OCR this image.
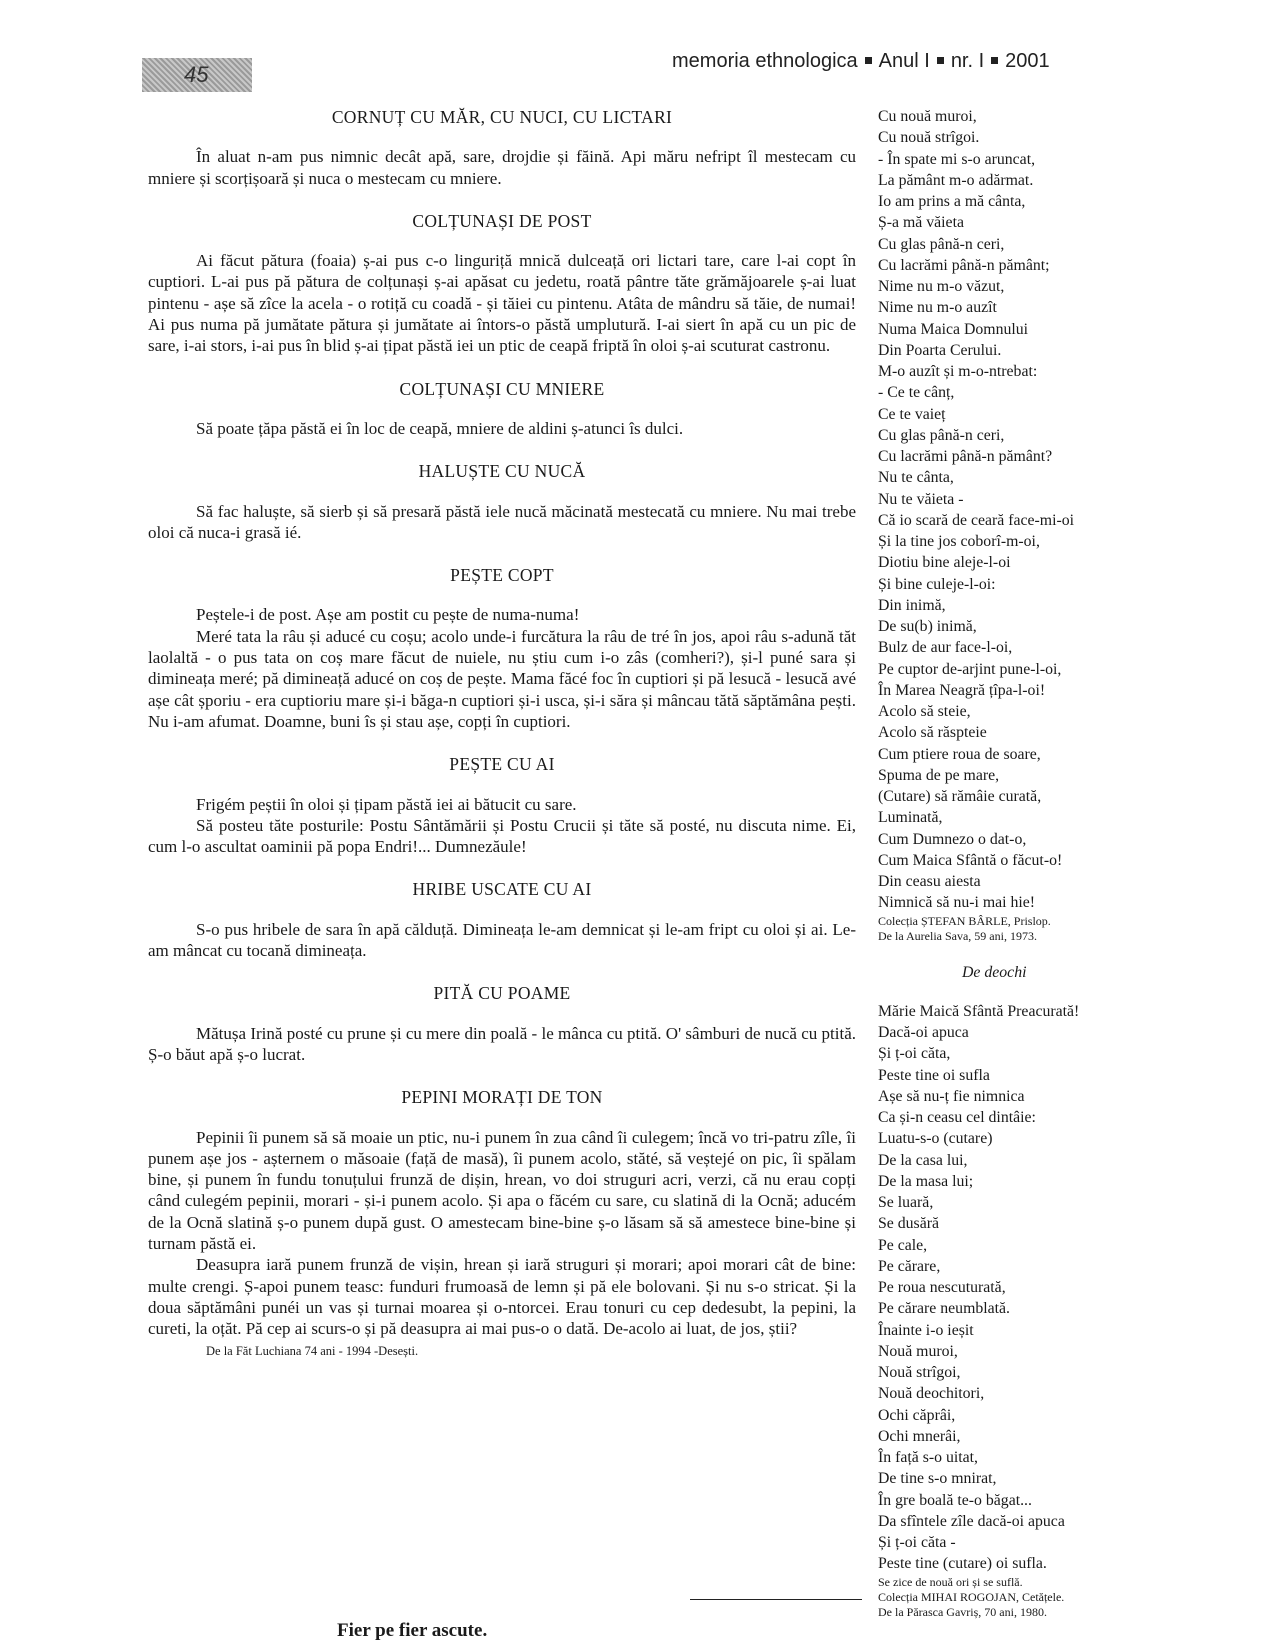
45
memoria ethnologica Anul I nr. I 2001
CORNUȚ CU MĂR, CU NUCI, CU LICTARI

În aluat n-am pus nimnic decât apă, sare, drojdie și făină. Api măru nefript îl mestecam cu mniere și scorțișoară și nuca o mestecam cu mniere.

COLȚUNAȘI DE POST

Ai făcut pătura (foaia) ș-ai pus c-o linguriță mnică dulceață ori lictari tare, care l-ai copt în cuptiori. L-ai pus pă pătura de colțunași ș-ai apăsat cu jedetu, roată pântre tăte grămăjoarele ș-ai luat pintenu - așe să zîce la acela - o rotiță cu coadă - și tăiei cu pintenu. Atâta de mândru să tăie, de numai! Ai pus numa pă jumătate pătura și jumătate ai întors-o păstă umplutură. I-ai siert în apă cu un pic de sare, i-ai stors, i-ai pus în blid ș-ai țipat păstă iei un ptic de ceapă friptă în oloi ș-ai scuturat castronu.

COLȚUNAȘI CU MNIERE

Să poate țăpa păstă ei în loc de ceapă, mniere de aldini ș-atunci îs dulci.

HALUȘTE CU NUCĂ

Să fac haluște, să sierb și să presară păstă iele nucă măcinată mestecată cu mniere. Nu mai trebe oloi că nuca-i grasă ié.

PEȘTE COPT

Peștele-i de post. Așe am postit cu pește de numa-numa!

Meré tata la râu și aducé cu coșu; acolo unde-i furcătura la râu de tré în jos, apoi râu s-adună tăt laolaltă - o pus tata on coș mare făcut de nuiele, nu știu cum i-o zâs (comheri?), și-l puné sara și dimineața meré; pă dimineață aducé on coș de pește. Mama făcé foc în cuptiori și pă lesucă - lesucă avé așe cât șporiu - era cuptioriu mare și-i băga-n cuptiori și-i usca, și-i săra și mâncau tătă săptămâna pești. Nu i-am afumat. Doamne, buni îs și stau așe, copți în cuptiori.

PEȘTE CU AI

Frigém peștii în oloi și țipam păstă iei ai bătucit cu sare.

Să posteu tăte posturile: Postu Sântămării și Postu Crucii și tăte să posté, nu discuta nime. Ei, cum l-o ascultat oaminii pă popa Endri!... Dumnezăule!

HRIBE USCATE CU AI

S-o pus hribele de sara în apă călduță. Dimineața le-am demnicat și le-am fript cu oloi și ai. Le-am mâncat cu tocană dimineața.

PITĂ CU POAME

Mătușa Irină posté cu prune și cu mere din poală - le mânca cu ptită. O' sâmburi de nucă cu ptită. Ș-o băut apă ș-o lucrat.

PEPINI MORAȚI DE TON

Pepinii îi punem să să moaie un ptic, nu-i punem în zua când îi culegem; încă vo tri-patru zîle, îi punem așe jos - așternem o măsoaie (față de masă), îi punem acolo, stăté, să veștejé on pic, îi spălam bine, și punem în fundu tonuțului frunză de dișin, hrean, vo doi struguri acri, verzi, că nu erau copți când culegém pepinii, morari - și-i punem acolo. Și apa o făcém cu sare, cu slatină di la Ocnă; aducém de la Ocnă slatină ș-o punem după gust. O amestecam bine-bine ș-o lăsam să să amestece bine-bine și turnam păstă ei.

Deasupra iară punem frunză de vișin, hrean și iară struguri și morari; apoi morari cât de bine: multe crengi. Ș-apoi punem teasc: funduri frumoasă de lemn și pă ele bolovani. Și nu s-o stricat. Și la doua săptămâni punéi un vas și turnai moarea și o-ntorcei. Erau tonuri cu cep dedesubt, la pepini, la cureti, la oțăt. Pă cep ai scurs-o și pă deasupra ai mai pus-o o dată. De-acolo ai luat, de jos, știi?

De la Făt Luchiana 74 ani - 1994 -Desești.
Fier pe fier ascute.
Cu nouă muroi,
Cu nouă strîgoi.
- În spate mi s-o aruncat,
La pământ m-o adărmat.
Io am prins a mă cânta,
Ș-a mă văieta
Cu glas până-n ceri,
Cu lacrămi până-n pământ;
Nime nu m-o văzut,
Nime nu m-o auzît
Numa Maica Domnului
Din Poarta Cerului.
M-o auzît și m-o-ntrebat:
- Ce te cânț,
Ce te vaieț
Cu glas până-n ceri,
Cu lacrămi până-n pământ?
Nu te cânta,
Nu te văieta -
Că io scară de ceară face-mi-oi
Și la tine jos coborî-m-oi,
Diotiu bine aleje-l-oi
Și bine culeje-l-oi:
Din inimă,
De su(b) inimă,
Bulz de aur face-l-oi,
Pe cuptor de-arjint pune-l-oi,
În Marea Neagră țîpa-l-oi!
Acolo să steie,
Acolo să răspteie
Cum ptiere roua de soare,
Spuma de pe mare,
(Cutare) să rămâie curată,
Luminată,
Cum Dumnezo o dat-o,
Cum Maica Sfântă o făcut-o!
Din ceasu aiesta
Nimnică să nu-i mai hie!
Colecția ȘTEFAN BÂRLE, Prislop.
De la Aurelia Sava, 59 ani, 1973.
De deochi
Mărie Maică Sfântă Preacurată!
Dacă-oi apuca
Și ț-oi căta,
Peste tine oi sufla
Așe să nu-ț fie nimnica
Ca și-n ceasu cel dintâie:
Luatu-s-o (cutare)
De la casa lui,
De la masa lui;
Se luară,
Se dusără
Pe cale,
Pe cărare,
Pe roua nescuturată,
Pe cărare neumblată.
Înainte i-o ieșit
Nouă muroi,
Nouă strîgoi,
Nouă deochitori,
Ochi căprâi,
Ochi mnerâi,
În față s-o uitat,
De tine s-o mnirat,
În gre boală te-o băgat...
Da sfîntele zîle dacă-oi apuca
Și ț-oi căta -
Peste tine (cutare) oi sufla.
Se zice de nouă ori și se suflă.
Colecția MIHAI ROGOJAN, Cetățele.
De la Părasca Gavriș, 70 ani, 1980.
